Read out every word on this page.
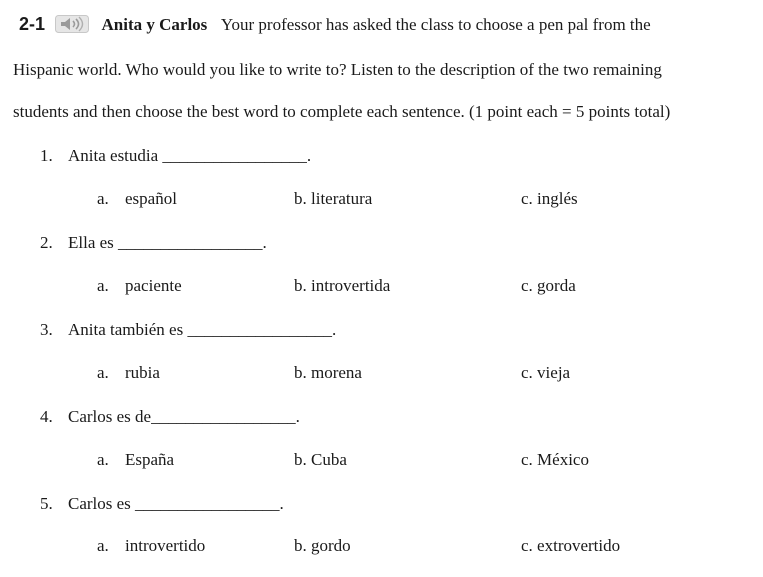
2-1	Anita y Carlos Your professor has asked the class to choose a pen pal from the
Hispanic world. Who would you like to write to? Listen to the description of the two remaining
students and then choose the best word to complete each sentence. (1 point each = 5 points total)
1. Anita estudia _________________.
a. español	b. literatura	c. inglés
2. Ella es _________________.
a. paciente	b. introvertida	c. gorda
3. Anita también es _________________.
a. rubia	b. morena	c. vieja
4. Carlos es de_________________.
a. España	b. Cuba	c. México
5. Carlos es _________________.
a. introvertido	b. gordo	c. extrovertido
